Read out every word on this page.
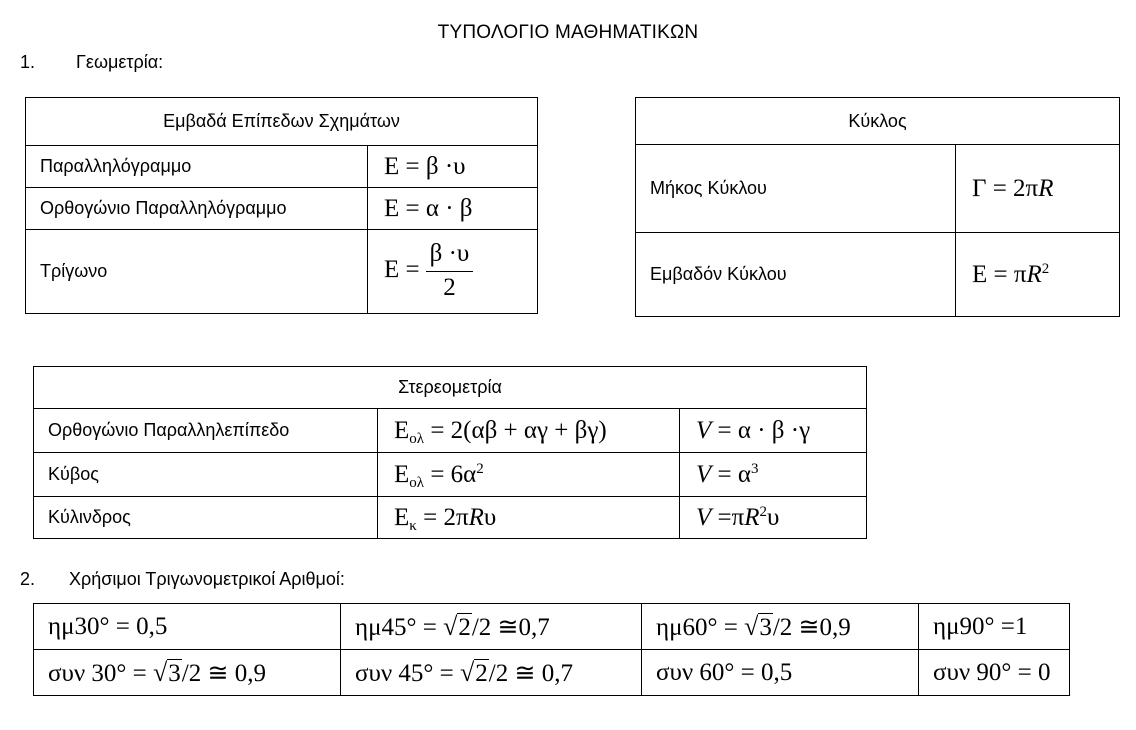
ΤΥΠΟΛΟΓΙΟ ΜΑΘΗΜΑΤΙΚΩΝ
1. Γεωμετρία:
Εμβαδά Επίπεδων Σχημάτων	
Παραλληλόγραμμο	Ε = β ·υ
Ορθογώνιο Παραλληλόγραμμο	Ε = α · β
Τρίγωνο	$E = \frac{\beta \cdot\upsilon}{2}$
Κύκλος	
Μήκος Κύκλου	Γ = 2πR
Εμβαδόν Κύκλου	$E = \pi R^2$
Στερεομετρία		
Ορθογώνιο Παραλληλεπίπεδο	$E_{o\lambda} = 2(\alpha\beta + \alpha\gamma + \beta\gamma)$	V = α · β ·γ
Κύβος	$E_{o\lambda} = 6\alpha^2$	$V = \alpha^3$
Κύλινδρος	$E_\kappa = 2\pi R\upsilon$	$V =\pi R^2\upsilon$
2. Χρήσιμοι Τριγωνομετρικοί Αριθμοί:
ημ30° = 0,5	ημ45° = √2/2 ≅0,7	ημ60° = √3/2 ≅0,9	ημ90° =1
συν 30° = √3/2 ≅ 0,9	συν 45° = √2/2 ≅ 0,7	συν 60° = 0,5	συν 90° = 0
